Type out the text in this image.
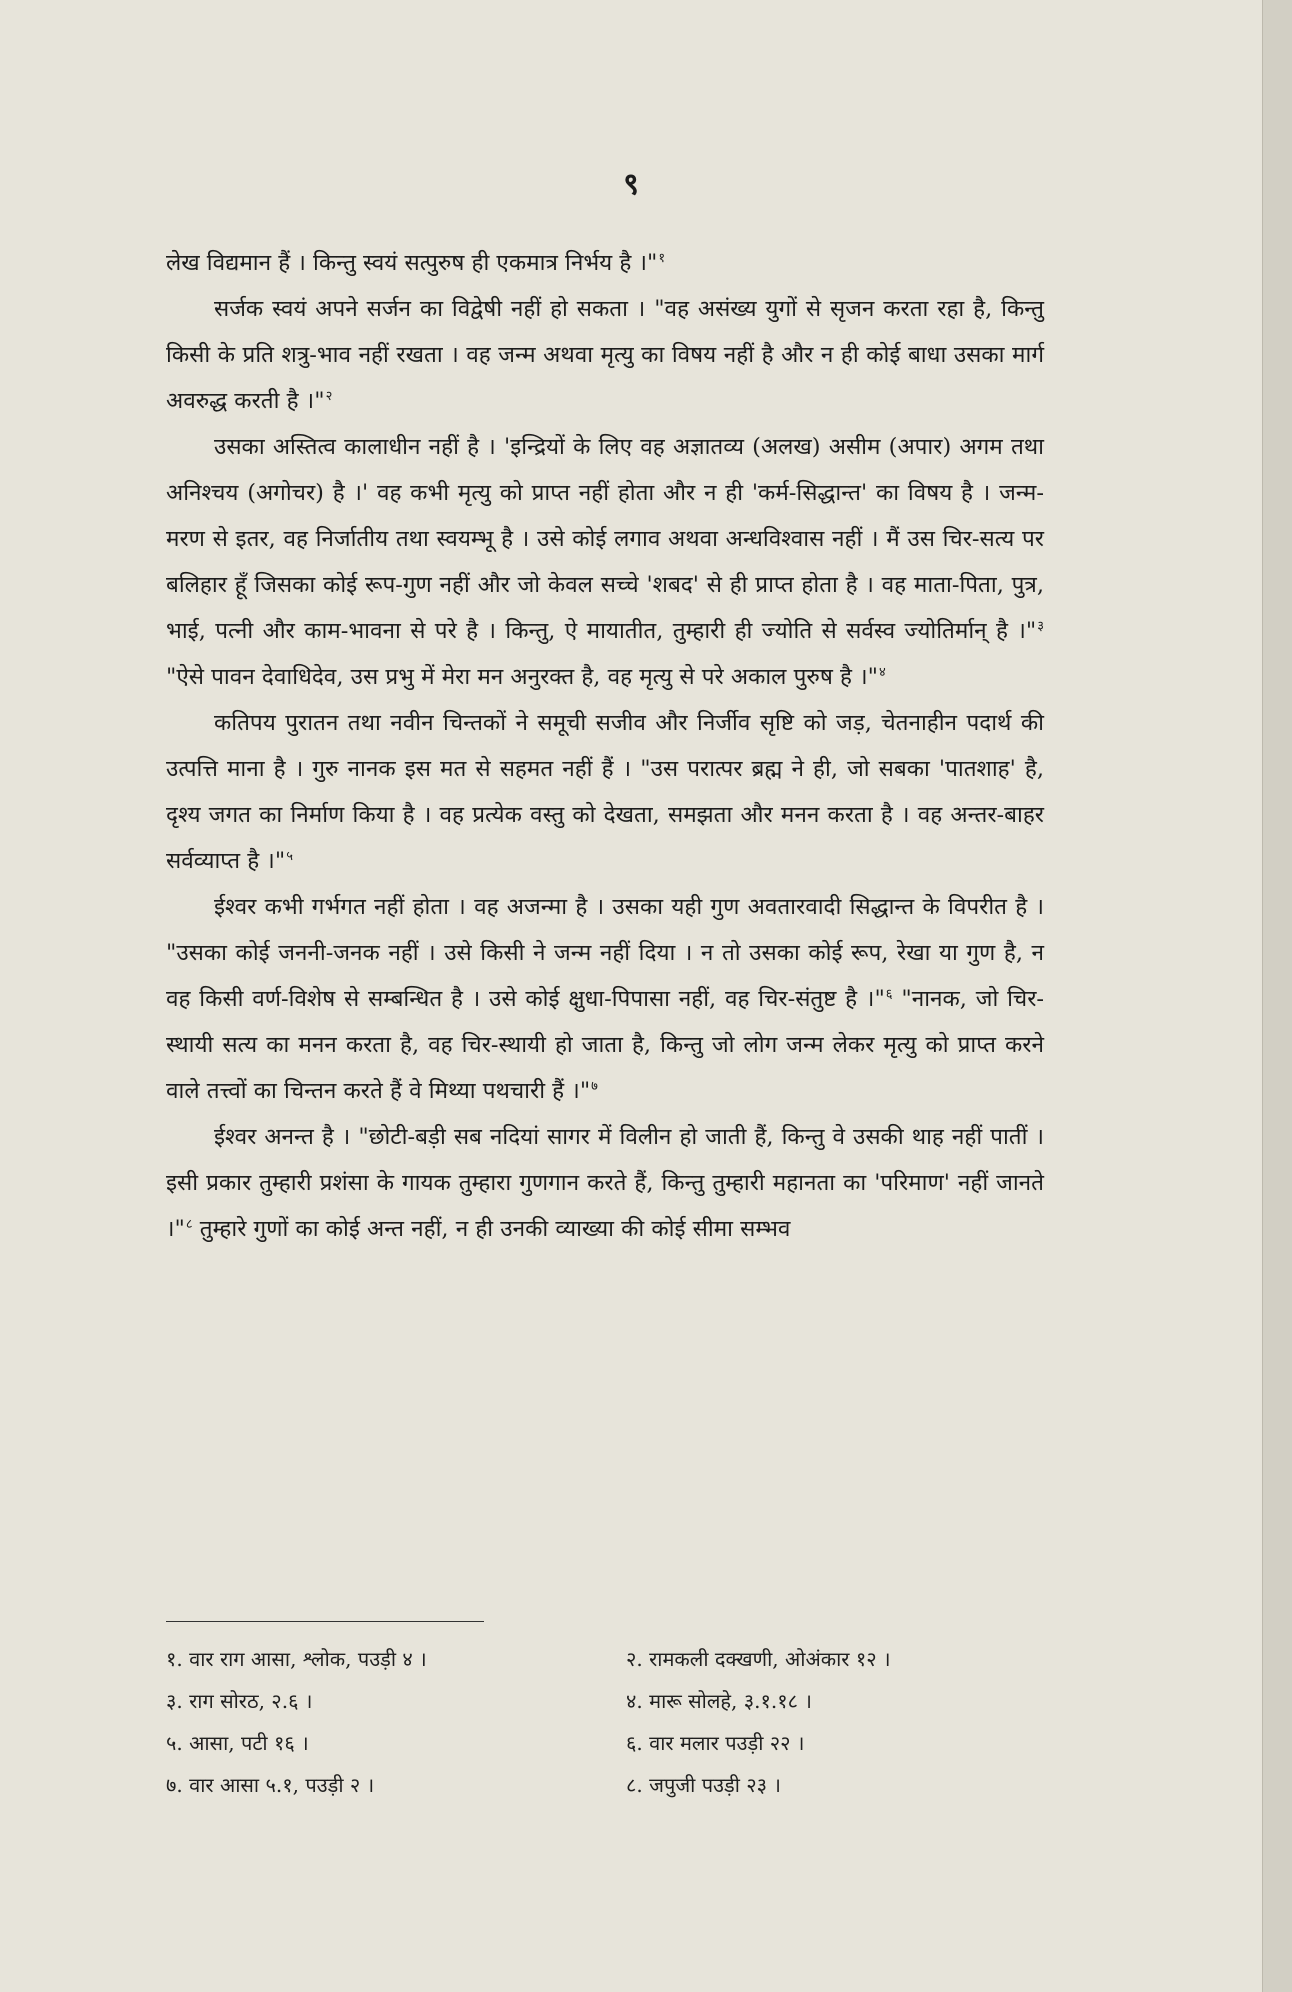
९

लेख विद्यमान हैं । किन्तु स्वयं सत्पुरुष ही एकमात्र निर्भय है ।"$^१$

सर्जक स्वयं अपने सर्जन का विद्वेषी नहीं हो सकता । "वह असंख्य युगों से सृजन करता रहा है, किन्तु किसी के प्रति शत्रु-भाव नहीं रखता । वह जन्म अथवा मृत्यु का विषय नहीं है और न ही कोई बाधा उसका मार्ग अवरुद्ध करती है ।"$^२$

उसका अस्तित्व कालाधीन नहीं है । 'इन्द्रियों के लिए वह अज्ञातव्य (अलख) असीम (अपार) अगम तथा अनिश्चय (अगोचर) है ।' वह कभी मृत्यु को प्राप्त नहीं होता और न ही 'कर्म-सिद्धान्त' का विषय है । जन्म-मरण से इतर, वह निर्जातीय तथा स्वयम्भू है । उसे कोई लगाव अथवा अन्धविश्वास नहीं । मैं उस चिर-सत्य पर बलिहार हूँ जिसका कोई रूप-गुण नहीं और जो केवल सच्चे 'शबद' से ही प्राप्त होता है । वह माता-पिता, पुत्र, भाई, पत्नी और काम-भावना से परे है । किन्तु, ऐ मायातीत, तुम्हारी ही ज्योति से सर्वस्व ज्योतिर्मान् है ।"$^३$ "ऐसे पावन देवाधिदेव, उस प्रभु में मेरा मन अनुरक्त है, वह मृत्यु से परे अकाल पुरुष है ।"$^४$

कतिपय पुरातन तथा नवीन चिन्तकों ने समूची सजीव और निर्जीव सृष्टि को जड़, चेतनाहीन पदार्थ की उत्पत्ति माना है । गुरु नानक इस मत से सहमत नहीं हैं । "उस परात्पर ब्रह्म ने ही, जो सबका 'पातशाह' है, दृश्य जगत का निर्माण किया है । वह प्रत्येक वस्तु को देखता, समझता और मनन करता है । वह अन्तर-बाहर सर्वव्याप्त है ।"$^५$

ईश्वर कभी गर्भगत नहीं होता । वह अजन्मा है । उसका यही गुण अवतारवादी सिद्धान्त के विपरीत है । "उसका कोई जननी-जनक नहीं । उसे किसी ने जन्म नहीं दिया । न तो उसका कोई रूप, रेखा या गुण है, न वह किसी वर्ण-विशेष से सम्बन्धित है । उसे कोई क्षुधा-पिपासा नहीं, वह चिर-संतुष्ट है ।"$^६$ "नानक, जो चिर-स्थायी सत्य का मनन करता है, वह चिर-स्थायी हो जाता है, किन्तु जो लोग जन्म लेकर मृत्यु को प्राप्त करने वाले तत्त्वों का चिन्तन करते हैं वे मिथ्या पथचारी हैं ।"$^७$

ईश्वर अनन्त है । "छोटी-बड़ी सब नदियां सागर में विलीन हो जाती हैं, किन्तु वे उसकी थाह नहीं पातीं । इसी प्रकार तुम्हारी प्रशंसा के गायक तुम्हारा गुणगान करते हैं, किन्तु तुम्हारी महानता का 'परिमाण' नहीं जानते ।"$^८$ तुम्हारे गुणों का कोई अन्त नहीं, न ही उनकी व्याख्या की कोई सीमा सम्भव

१. वार राग आसा, श्लोक, पउड़ी ४ ।	२. रामकली दक्खणी, ओअंकार १२ ।
३. राग सोरठ, २.६ ।	४. मारू सोलहे, ३.१.१८ ।
५. आसा, पटी १६ ।	६. वार मलार पउड़ी २२ ।
७. वार आसा ५.१, पउड़ी २ ।	८. जपुजी पउड़ी २३ ।
